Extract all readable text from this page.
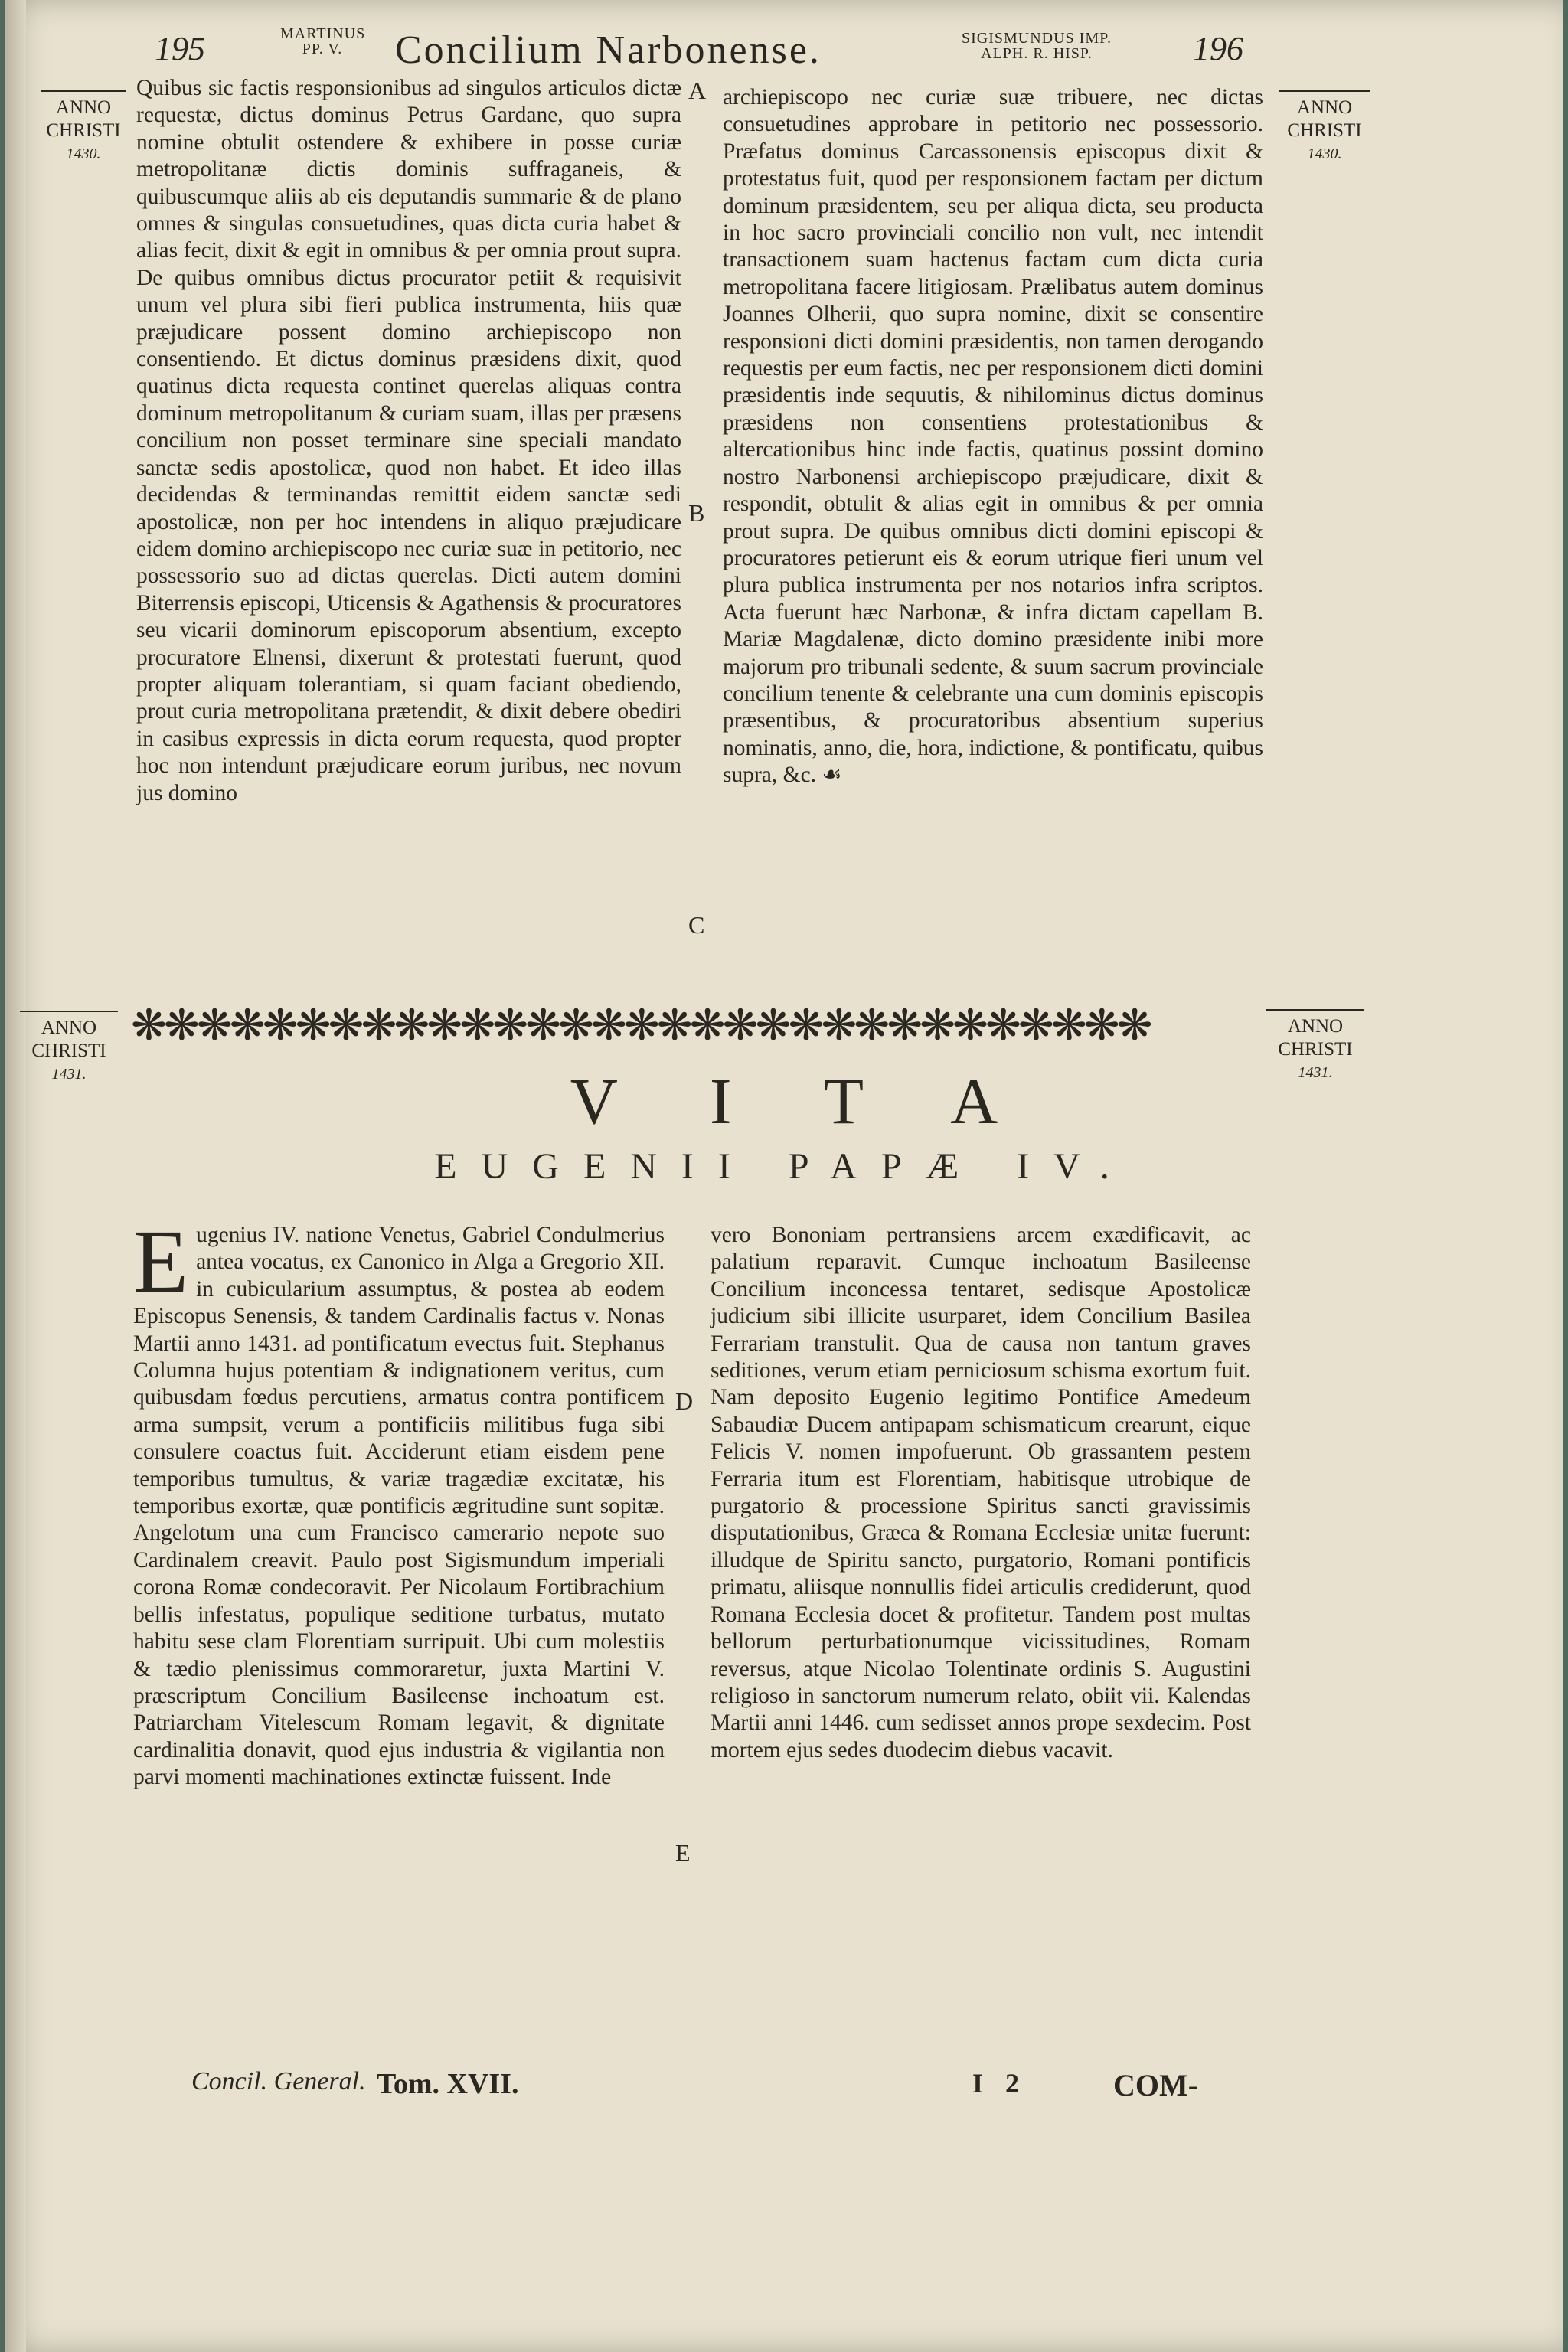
195	MARTINUS
PP. V.	Concilium Narbonense.	SIGISMUNDUS IMP.
ALPH. R. HISP.	196
ANNO
CHRISTI
1430.
ANNO
CHRISTI
1430.

Quibus sic factis responsionibus ad singulos articulos dictæ requestæ, dictus dominus Petrus Gardane, quo supra nomine obtulit ostendere & exhibere in posse curiæ metropolitanæ dictis dominis suffraganeis, & quibuscumque aliis ab eis deputandis summarie & de plano omnes & singulas consuetudines, quas dicta curia habet & alias fecit, dixit & egit in omnibus & per omnia prout supra. De quibus omnibus dictus procurator petiit & requisivit unum vel plura sibi fieri publica instrumenta, hiis quæ præjudicare possent domino archiepiscopo non consentiendo. Et dictus dominus præsidens dixit, quod quatinus dicta requesta continet querelas aliquas contra dominum metropolitanum & curiam suam, illas per præsens concilium non posset terminare sine speciali mandato sanctæ sedis apostolicæ, quod non habet. Et ideo illas decidendas & terminandas remittit eidem sanctæ sedi apostolicæ, non per hoc intendens in aliquo præjudicare eidem domino archiepiscopo nec curiæ suæ in petitorio, nec possessorio suo ad dictas querelas. Dicti autem domini Biterrensis episcopi, Uticensis & Agathensis & procuratores seu vicarii dominorum episcoporum absentium, excepto procuratore Elnensi, dixerunt & protestati fuerunt, quod propter aliquam tolerantiam, si quam faciant obediendo, prout curia metropolitana prætendit, & dixit debere obediri in casibus expressis in dicta eorum requesta, quod propter hoc non intendunt præjudicare eorum juribus, nec novum jus domino

archiepiscopo nec curiæ suæ tribuere, nec dictas consuetudines approbare in petitorio nec possessorio. Præfatus dominus Carcassonensis episcopus dixit & protestatus fuit, quod per responsionem factam per dictum dominum præsidentem, seu per aliqua dicta, seu producta in hoc sacro provinciali concilio non vult, nec intendit transactionem suam hactenus factam cum dicta curia metropolitana facere litigiosam. Prælibatus autem dominus Joannes Olherii, quo supra nomine, dixit se consentire responsioni dicti domini præsidentis, non tamen derogando requestis per eum factis, nec per responsionem dicti domini præsidentis inde sequutis, & nihilominus dictus dominus præsidens non consentiens protestationibus & altercationibus hinc inde factis, quatinus possint domino nostro Narbonensi archiepiscopo præjudicare, dixit & respondit, obtulit & alias egit in omnibus & per omnia prout supra. De quibus omnibus dicti domini episcopi & procuratores petierunt eis & eorum utrique fieri unum vel plura publica instrumenta per nos notarios infra scriptos. Acta fuerunt hæc Narbonæ, & infra dictam capellam B. Mariæ Magdalenæ, dicto domino præsidente inibi more majorum pro tribunali sedente, & suum sacrum provinciale concilium tenente & celebrante una cum dominis episcopis præsentibus, & procuratoribus absentium superius nominatis, anno, die, hora, indictione, & pontificatu, quibus supra, &c. ☙

A
B
C
D
E
ANNO
CHRISTI
1431.
ANNO
CHRISTI
1431.
❋❋❋❋❋❋❋❋❋❋❋❋❋❋❋❋❋❋❋❋❋❋❋❋❋❋❋❋❋❋❋
VITA
EUGENII PAPÆ IV.
E ugenius IV. natione Venetus, Gabriel Condulmerius antea vocatus, ex Canonico in Alga a Gregorio XII. in cubicularium assumptus, & postea ab eodem Episcopus Senensis, & tandem Cardinalis factus v. Nonas Martii anno 1431. ad pontificatum evectus fuit. Stephanus Columna hujus potentiam & indignationem veritus, cum quibusdam fœdus percutiens, armatus contra pontificem arma sumpsit, verum a pontificiis militibus fuga sibi consulere coactus fuit. Acciderunt etiam eisdem pene temporibus tumultus, & variæ tragædiæ excitatæ, his temporibus exortæ, quæ pontificis ægritudine sunt sopitæ. Angelotum una cum Francisco camerario nepote suo Cardinalem creavit. Paulo post Sigismundum imperiali corona Romæ condecoravit. Per Nicolaum Fortibrachium bellis infestatus, populique seditione turbatus, mutato habitu sese clam Florentiam surripuit. Ubi cum molestiis & tædio plenissimus commoraretur, juxta Martini V. præscriptum Concilium Basileense inchoatum est. Patriarcham Vitelescum Romam legavit, & dignitate cardinalitia donavit, quod ejus industria & vigilantia non parvi momenti machinationes extinctæ fuissent. Inde

vero Bononiam pertransiens arcem exædificavit, ac palatium reparavit. Cumque inchoatum Basileense Concilium inconcessa tentaret, sedisque Apostolicæ judicium sibi illicite usurparet, idem Concilium Basilea Ferrariam transtulit. Qua de causa non tantum graves seditiones, verum etiam perniciosum schisma exortum fuit. Nam deposito Eugenio legitimo Pontifice Amedeum Sabaudiæ Ducem antipapam schismaticum crearunt, eique Felicis V. nomen impofuerunt. Ob grassantem pestem Ferraria itum est Florentiam, habitisque utrobique de purgatorio & processione Spiritus sancti gravissimis disputationibus, Græca & Romana Ecclesiæ unitæ fuerunt: illudque de Spiritu sancto, purgatorio, Romani pontificis primatu, aliisque nonnullis fidei articulis crediderunt, quod Romana Ecclesia docet & profitetur. Tandem post multas bellorum perturbationumque vicissitudines, Romam reversus, atque Nicolao Tolentinate ordinis S. Augustini religioso in sanctorum numerum relato, obiit vii. Kalendas Martii anni 1446. cum sedisset annos prope sexdecim. Post mortem ejus sedes duodecim diebus vacavit.

Concil. General. Tom. XVII.	I 2	COM-
